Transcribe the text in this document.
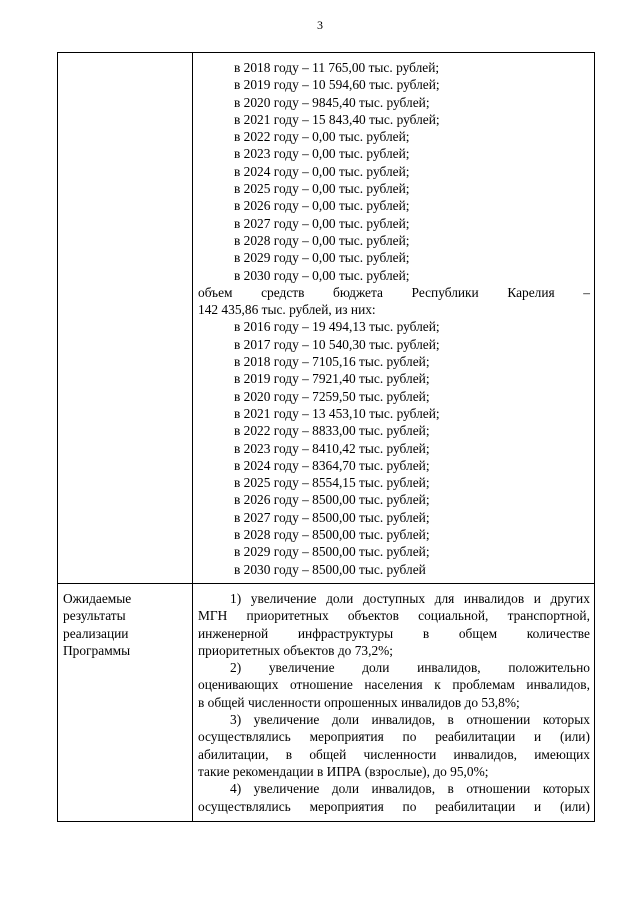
3
в 2018 году – 11 765,00 тыс. рублей;
в 2019 году – 10 594,60 тыс. рублей;
в 2020 году – 9845,40 тыс. рублей;
в 2021 году – 15 843,40 тыс. рублей;
в 2022 году – 0,00 тыс. рублей;
в 2023 году – 0,00 тыс. рублей;
в 2024 году – 0,00 тыс. рублей;
в 2025 году – 0,00 тыс. рублей;
в 2026 году – 0,00 тыс. рублей;
в 2027 году – 0,00 тыс. рублей;
в 2028 году – 0,00 тыс. рублей;
в 2029 году – 0,00 тыс. рублей;
в 2030 году – 0,00 тыс. рублей;
объем средств бюджета Республики Карелия –
142 435,86 тыс. рублей, из них:
в 2016 году – 19 494,13 тыс. рублей;
в 2017 году – 10 540,30 тыс. рублей;
в 2018 году – 7105,16 тыс. рублей;
в 2019 году – 7921,40 тыс. рублей;
в 2020 году – 7259,50 тыс. рублей;
в 2021 году – 13 453,10 тыс. рублей;
в 2022 году – 8833,00 тыс. рублей;
в 2023 году – 8410,42 тыс. рублей;
в 2024 году – 8364,70 тыс. рублей;
в 2025 году – 8554,15 тыс. рублей;
в 2026 году – 8500,00 тыс. рублей;
в 2027 году – 8500,00 тыс. рублей;
в 2028 году – 8500,00 тыс. рублей;
в 2029 году – 8500,00 тыс. рублей;
в 2030 году – 8500,00 тыс. рублей
Ожидаемые
результаты
реализации
Программы
1) увеличение доли доступных для инвалидов и других
МГН приоритетных объектов социальной, транспортной,
инженерной инфраструктуры в общем количестве
приоритетных объектов до 73,2%;
2) увеличение доли инвалидов, положительно
оценивающих отношение населения к проблемам инвалидов,
в общей численности опрошенных инвалидов до 53,8%;
3) увеличение доли инвалидов, в отношении которых
осуществлялись мероприятия по реабилитации и (или)
абилитации, в общей численности инвалидов, имеющих
такие рекомендации в ИПРА (взрослые), до 95,0%;
4) увеличение доли инвалидов, в отношении которых
осуществлялись мероприятия по реабилитации и (или)
